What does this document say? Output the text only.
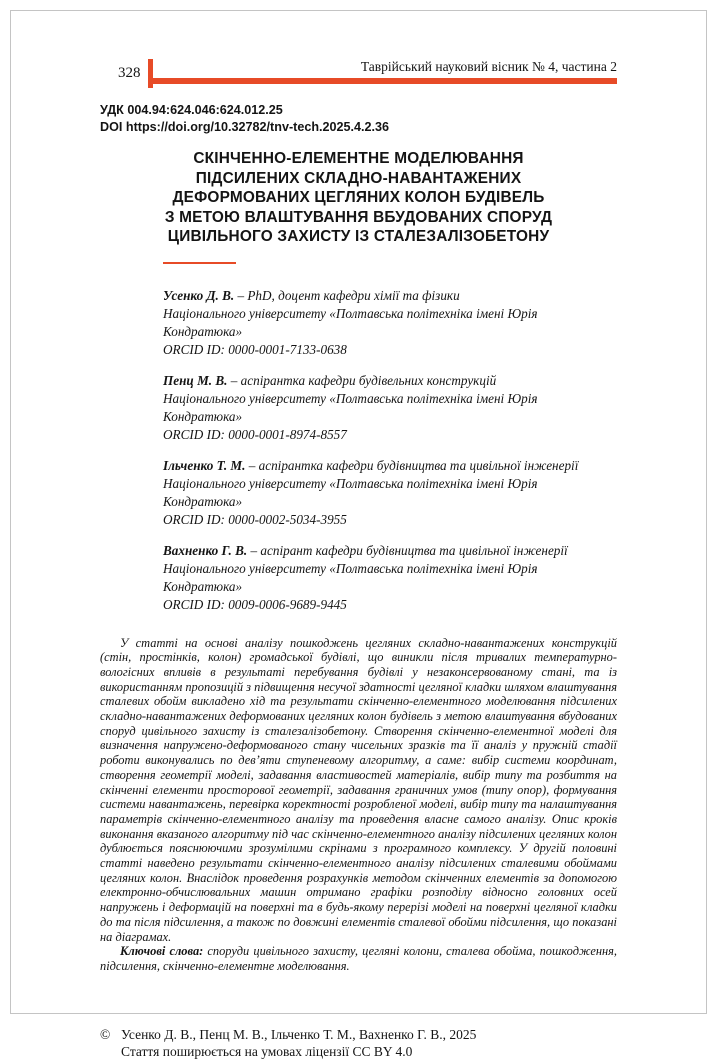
328	Таврійський науковий вісник № 4, частина 2
УДК 004.94:624.046:624.012.25
DOI https://doi.org/10.32782/tnv-tech.2025.4.2.36
СКІНЧЕННО-ЕЛЕМЕНТНЕ МОДЕЛЮВАННЯ
ПІДСИЛЕНИХ СКЛАДНО-НАВАНТАЖЕНИХ
ДЕФОРМОВАНИХ ЦЕГЛЯНИХ КОЛОН БУДІВЕЛЬ
З МЕТОЮ ВЛАШТУВАННЯ ВБУДОВАНИХ СПОРУД
ЦИВІЛЬНОГО ЗАХИСТУ ІЗ СТАЛЕЗАЛІЗОБЕТОНУ
Усенко Д. В. – PhD, доцент кафедри хімії та фізики
Національного університету «Полтавська політехніка імені Юрія Кондратюка»
ORCID ID: 0000-0001-7133-0638
Пенц М. В. – аспірантка кафедри будівельних конструкцій
Національного університету «Полтавська політехніка імені Юрія Кондратюка»
ORCID ID: 0000-0001-8974-8557
Ільченко Т. М. – аспірантка кафедри будівництва та цивільної інженерії
Національного університету «Полтавська політехніка імені Юрія Кондратюка»
ORCID ID: 0000-0002-5034-3955
Вахненко Г. В. – аспірант кафедри будівництва та цивільної інженерії
Національного університету «Полтавська політехніка імені Юрія Кондратюка»
ORCID ID: 0009-0006-9689-9445

У статті на основі аналізу пошкоджень цегляних складно-навантажених конструкцій (стін, простінків, колон) громадської будівлі, що виникли після тривалих температурно-вологісних впливів в результаті перебування будівлі у незаконсервованому стані, та із використанням пропозицій з підвищення несучої здатності цегляної кладки шляхом влаштування сталевих обойм викладено хід та результати скінченно-елементного моделювання підсилених складно-навантажених деформованих цегляних колон будівель з метою влаштування вбудованих споруд цивільного захисту із сталезалізобетону. Створення скінченно-елементної моделі для визначення напружено-деформованого стану чисельних зразків та її аналіз у пружній стадії роботи виконувались по дев’яти ступеневому алгоритму, а саме: вибір системи координат, створення геометрії моделі, задавання властивостей матеріалів, вибір типу та розбиття на скінченні елементи просторової геометрії, задавання граничних умов (типу опор), формування системи навантажень, перевірка коректності розробленої моделі, вибір типу та налаштування параметрів скінченно-елементного аналізу та проведення власне самого аналізу. Опис кроків виконання вказаного алгоритму під час скінченно-елементного аналізу підсилених цегляних колон дублюється пояснюючими зрозумілими скрінами з програмного комплексу. У другій половині статті наведено результати скінченно-елементного аналізу підсилених сталевими обоймами цегляних колон. Внаслідок проведення розрахунків методом скінченних елементів за допомогою електронно-обчислювальних машин отримано графіки розподілу відносно головних осей напружень і деформацій на поверхні та в будь-якому перерізі моделі на поверхні цегляної кладки до та після підсилення, а також по довжині елементів сталевої обойми підсилення, що показані на діаграмах.

Ключові слова: споруди цивільного захисту, цегляні колони, сталева обойма, пошкодження, підсилення, скінченно-елементне моделювання.

© Усенко Д. В., Пенц М. В., Ільченко Т. М., Вахненко Г. В., 2025
Стаття поширюється на умовах ліцензії CC BY 4.0
